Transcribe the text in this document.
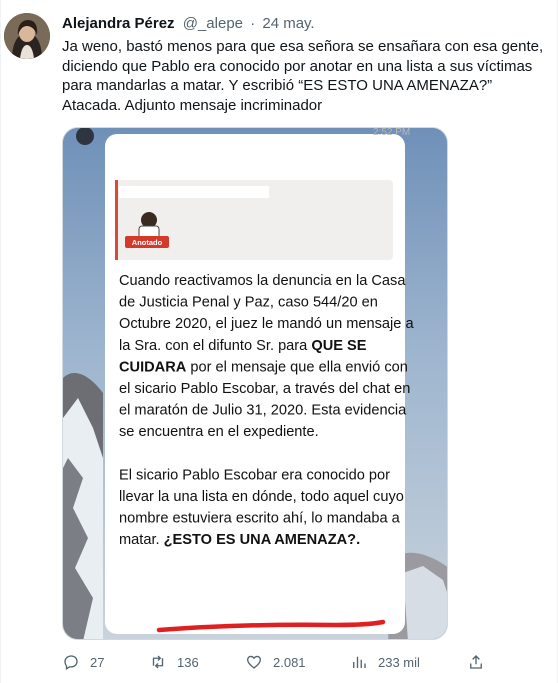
Alejandra Pérez @_alepe · 24 may.
Ja weno, bastó menos para que esa señora se ensañara con esa gente, diciendo que Pablo era conocido por anotar en una lista a sus víctimas para mandarlas a matar. Y escribió “ES ESTO UNA AMENAZA?” Atacada. Adjunto mensaje incriminador
2:52 PM
Anotado
Cuando reactivamos la denuncia en la Casa de Justicia Penal y Paz, caso 544/20 en Octubre 2020, el juez le mandó un mensaje a la Sra. con el difunto Sr. para QUE SE CUIDARA por el mensaje que ella envió con el sicario Pablo Escobar, a través del chat en el maratón de Julio 31, 2020. Esta evidencia se encuentra en el expediente. El sicario Pablo Escobar era conocido por llevar la una lista en dónde, todo aquel cuyo nombre estuviera escrito ahí, lo mandaba a matar. ¿ESTO ES UNA AMENAZA?.
27	136	2.081	233 mil
